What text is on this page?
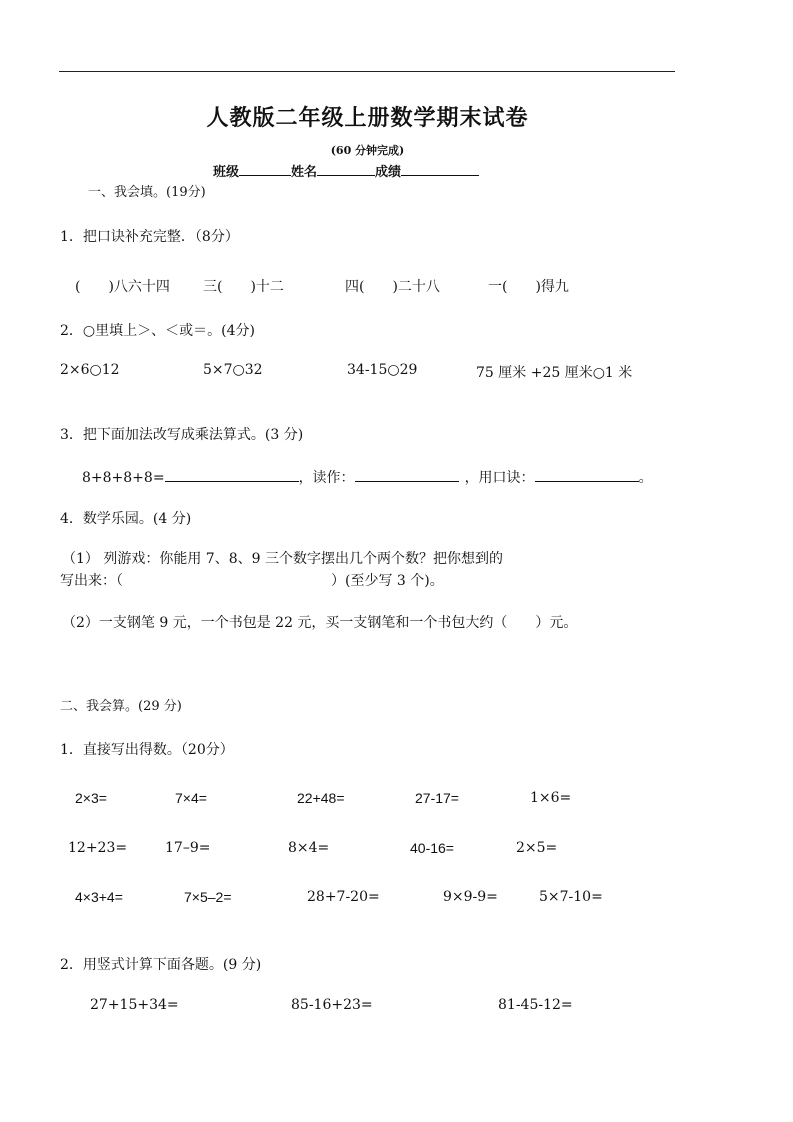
人教版二年级上册数学期末试卷
(60 分钟完成)
班级	姓名	成绩
一、我会填。(19分)
1．把口诀补充完整．（8分）
(　　)八六十四 三(　　)十二	四(　　)二十八	一(　　)得九
2．○里填上＞、＜或＝。(4分)
2×6○12	5×7○32	34-15○29	75 厘米 +25 厘米○1 米
3．把下面加法改写成乘法算式。(3 分)
8+8+8+8=	，读作：	，用口诀：	。
4．数学乐园。(4 分)
（1） 列游戏：你能用 7、8、9 三个数字摆出几个两个数？把你想到的
写出来：（	）(至少写 3 个)。
（2）一支钢笔 9 元，一个书包是 22 元，买一支钢笔和一个书包大约（　　）元。
二、我会算。(29 分)
1．直接写出得数。（20分）
2×3=	7×4=	22+48=	27-17=	1×6=
12+23=	17–9=	8×4=	40-16=	2×5=
4×3+4=	7×5–2=	28+7-20=	9×9-9=	5×7-10=
2．用竖式计算下面各题。(9 分)
27+15+34=	85-16+23=	81-45-12=
